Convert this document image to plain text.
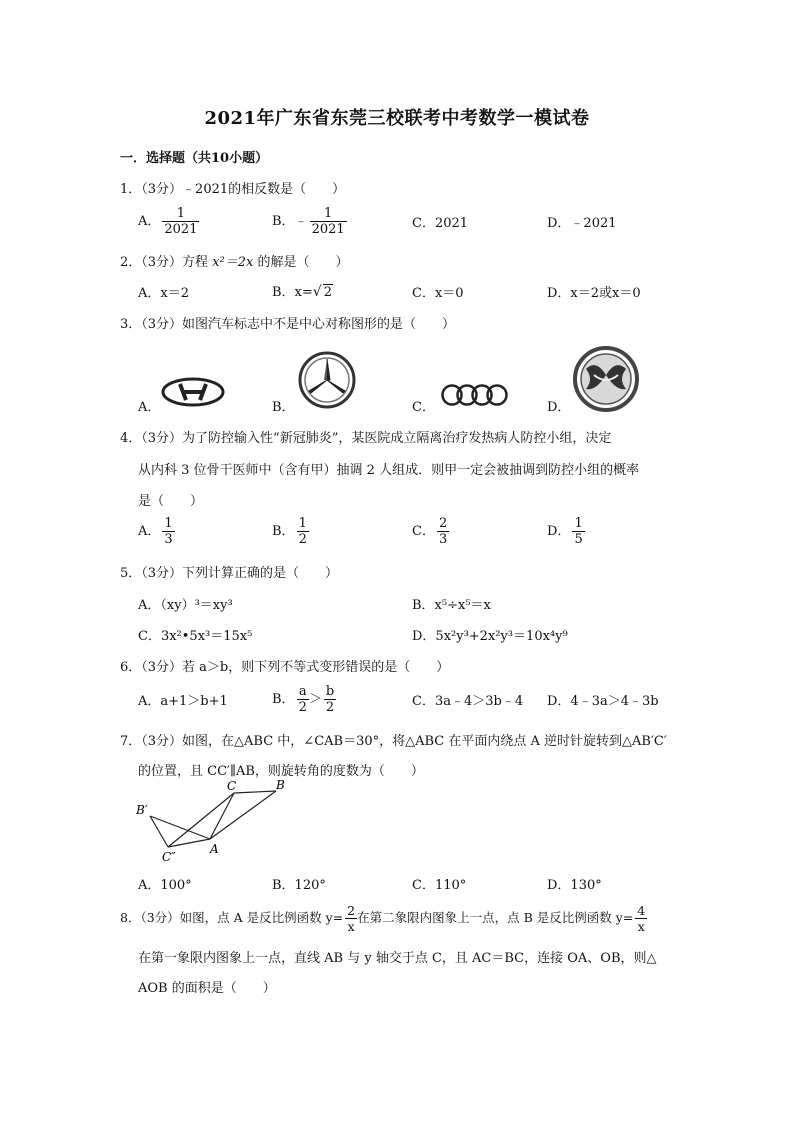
2021年广东省东莞三校联考中考数学一模试卷
一．选择题（共10小题）
1．（3分）﹣2021的相反数是（　　）
A． $\frac{1}{2021}$	B．﹣ $\frac{1}{2021}$	C．2021	D．﹣2021
2．（3分）方程 x²＝2x 的解是（　　）
A．x＝2	B．x=√ 2	C．x＝0	D．x＝2或x＝0
3．（3分）如图汽车标志中不是中心对称图形的是（　　）
A．	B．	C．	D．
4．（3分）为了防控输入性“新冠肺炎”，某医院成立隔离治疗发热病人防控小组，决定
从内科 3 位骨干医师中（含有甲）抽调 2 人组成．则甲一定会被抽调到防控小组的概率
是（　　）
A． $\frac{1}{3}$	B． $\frac{1}{2}$	C． $\frac{2}{3}$	D． $\frac{1}{5}$
5．（3分）下列计算正确的是（　　）
A．（xy）³＝xy³	B．x⁵÷x⁵＝x
C．3x²•5x³＝15x⁵	D．5x²y³+2x²y³＝10x⁴y⁹
6．（3分）若 a＞b，则下列不等式变形错误的是（　　）
A．a+1＞b+1	B． $\frac{a}{2} > \frac{b}{2}$	C．3a﹣4＞3b﹣4 D．4﹣3a＞4﹣3b
7．（3分）如图，在△ABC 中，∠CAB＝30°，将△ABC 在平面内绕点 A 逆时针旋转到△AB′C′
的位置，且 CC′∥AB，则旋转角的度数为（　　）
B′
C	B
C″
A
A．100°	B．120°	C．110°	D．130°
8．（3分）如图，点 A 是反比例函数 $y= \frac{2}{x}$ 在第二象限内图象上一点，点 B 是反比例函数 $y= \frac{4}{x}$
在第一象限内图象上一点，直线 AB 与 y 轴交于点 C，且 AC＝BC，连接 OA、OB，则△
AOB 的面积是（　　）
